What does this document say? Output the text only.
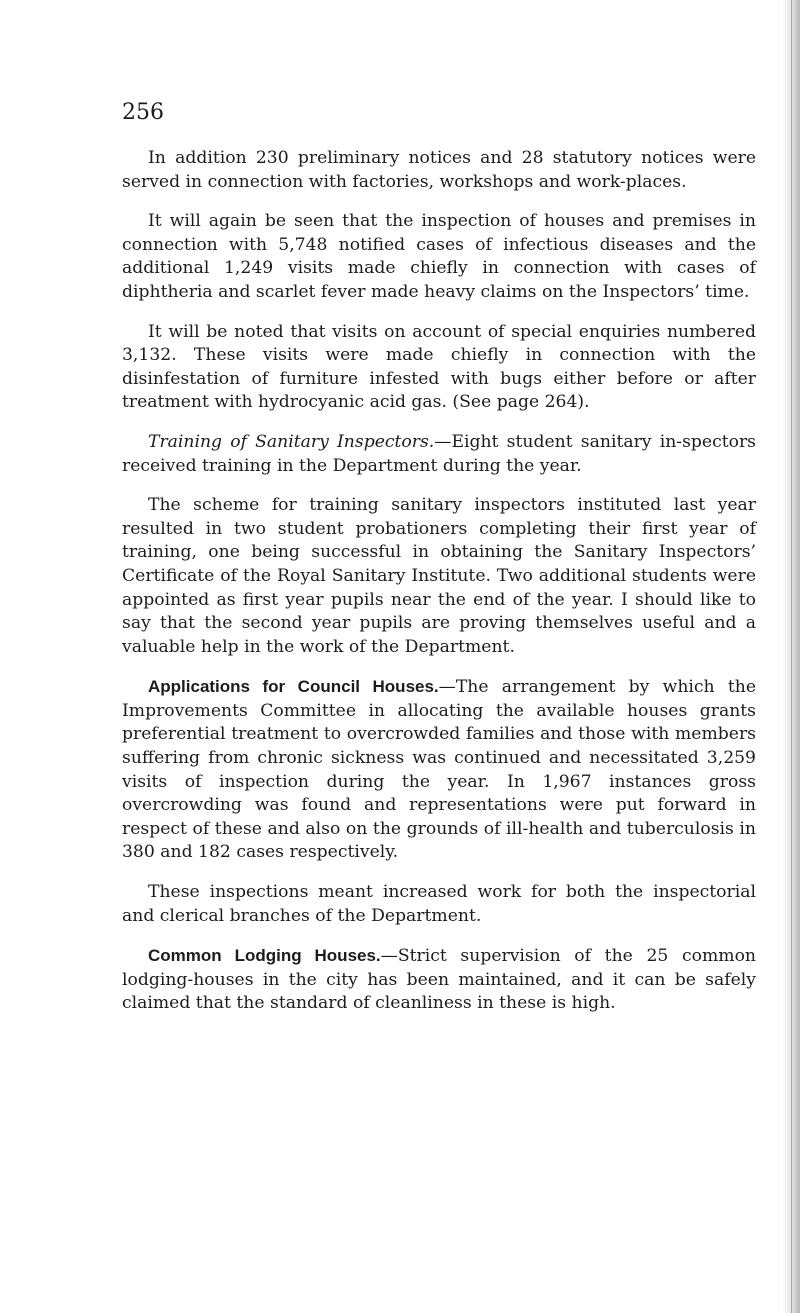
256

In addition 230 preliminary notices and 28 statutory notices were served in connection with factories, workshops and work-places.

It will again be seen that the inspection of houses and premises in connection with 5,748 notified cases of infectious diseases and the additional 1,249 visits made chiefly in connection with cases of diphtheria and scarlet fever made heavy claims on the Inspectors’ time.

It will be noted that visits on account of special enquiries numbered 3,132. These visits were made chiefly in connection with the disinfestation of furniture infested with bugs either before or after treatment with hydrocyanic acid gas. (See page 264).

Training of Sanitary Inspectors.—Eight student sanitary in-spectors received training in the Department during the year.

The scheme for training sanitary inspectors instituted last year resulted in two student probationers completing their first year of training, one being successful in obtaining the Sanitary Inspectors’ Certificate of the Royal Sanitary Institute. Two additional students were appointed as first year pupils near the end of the year. I should like to say that the second year pupils are proving themselves useful and a valuable help in the work of the Department.

Applications for Council Houses.—The arrangement by which the Improvements Committee in allocating the available houses grants preferential treatment to overcrowded families and those with members suffering from chronic sickness was continued and necessitated 3,259 visits of inspection during the year. In 1,967 instances gross overcrowding was found and representations were put forward in respect of these and also on the grounds of ill-health and tuberculosis in 380 and 182 cases respectively.

These inspections meant increased work for both the inspectorial and clerical branches of the Department.

Common Lodging Houses.—Strict supervision of the 25 common lodging-houses in the city has been maintained, and it can be safely claimed that the standard of cleanliness in these is high.
